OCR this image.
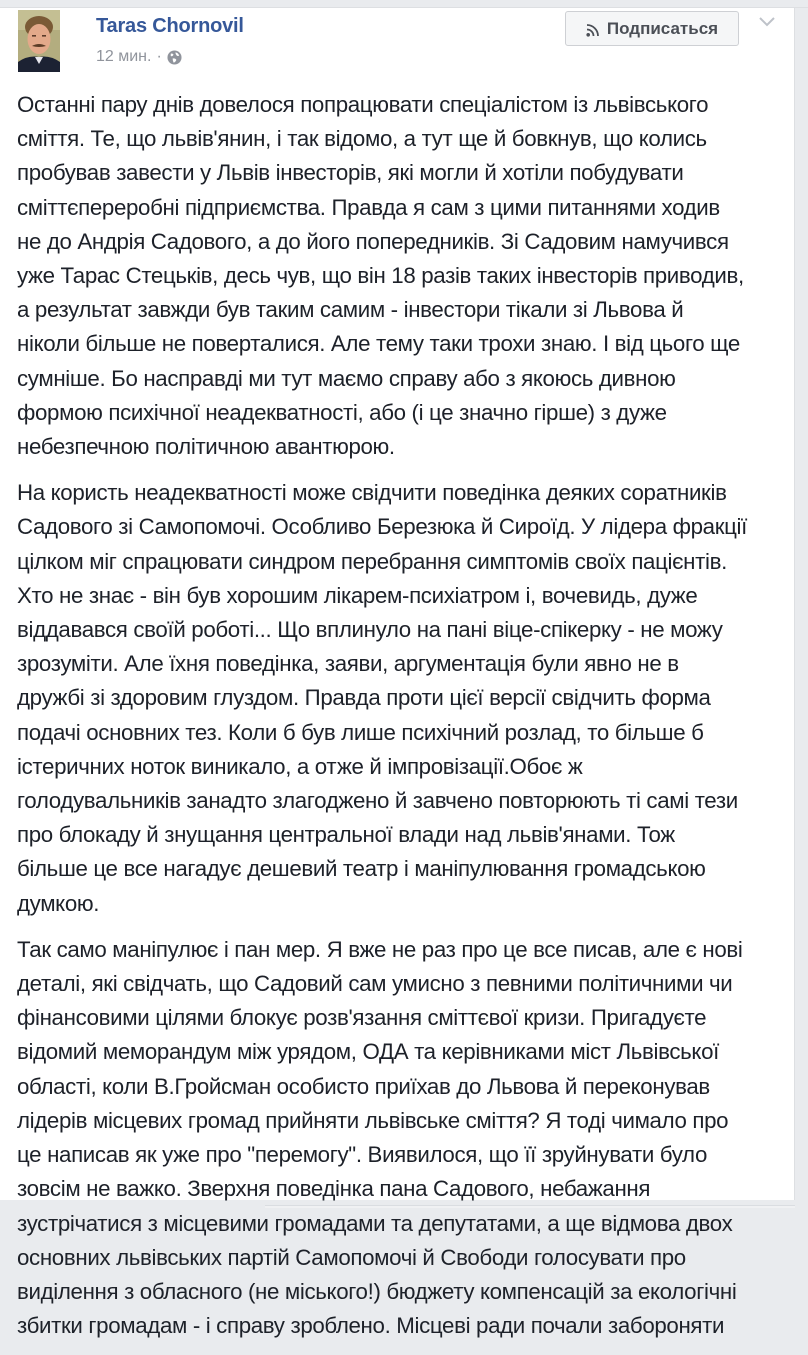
Taras Chornovil
12 мин. ·
Подписаться

Останні пару днів довелося попрацювати спеціалістом із львівського
сміття. Те, що львів'янин, і так відомо, а тут ще й бовкнув, що колись
пробував завести у Львів інвесторів, які могли й хотіли побудувати
сміттєпереробні підприємства. Правда я сам з цими питаннями ходив
не до Андрія Садового, а до його попередників. Зі Садовим намучився
уже Тарас Стецьків, десь чув, що він 18 разів таких інвесторів приводив,
а результат завжди був таким самим - інвестори тікали зі Львова й
ніколи більше не поверталися. Але тему таки трохи знаю. І від цього ще
сумніше. Бо насправді ми тут маємо справу або з якоюсь дивною
формою психічної неадекватності, або (і це значно гірше) з дуже
небезпечною політичною авантюрою.

На користь неадекватності може свідчити поведінка деяких соратників
Садового зі Самопомочі. Особливо Березюка й Сироїд. У лідера фракції
цілком міг спрацювати синдром перебрання симптомів своїх пацієнтів.
Хто не знає - він був хорошим лікарем-психіатром і, вочевидь, дуже
віддавався своїй роботі... Що вплинуло на пані віце-спікерку - не можу
зрозуміти. Але їхня поведінка, заяви, аргументація були явно не в
дружбі зі здоровим глуздом. Правда проти цієї версії свідчить форма
подачі основних тез. Коли б був лише психічний розлад, то більше б
істеричних ноток виникало, а отже й імпровізації.Обоє ж
голодувальників занадто злагоджено й завчено повторюють ті самі тези
про блокаду й знущання центральної влади над львів'янами. Тож
більше це все нагадує дешевий театр і маніпулювання громадською
думкою.

Так само маніпулює і пан мер. Я вже не раз про це все писав, але є нові
деталі, які свідчать, що Садовий сам умисно з певними політичними чи
фінансовими цілями блокує розв'язання сміттєвої кризи. Пригадуєте
відомий меморандум між урядом, ОДА та керівниками міст Львівської
області, коли В.Гройсман особисто приїхав до Львова й переконував
лідерів місцевих громад прийняти львівське сміття? Я тоді чимало про
це написав як уже про "перемогу". Виявилося, що її зруйнувати було
зовсім не важко. Зверхня поведінка пана Садового, небажання
зустрічатися з місцевими громадами та депутатами, а ще відмова двох
основних львівських партій Самопомочі й Свободи голосувати про
виділення з обласного (не міського!) бюджету компенсацій за екологічні
збитки громадам - і справу зроблено. Місцеві ради почали забороняти
